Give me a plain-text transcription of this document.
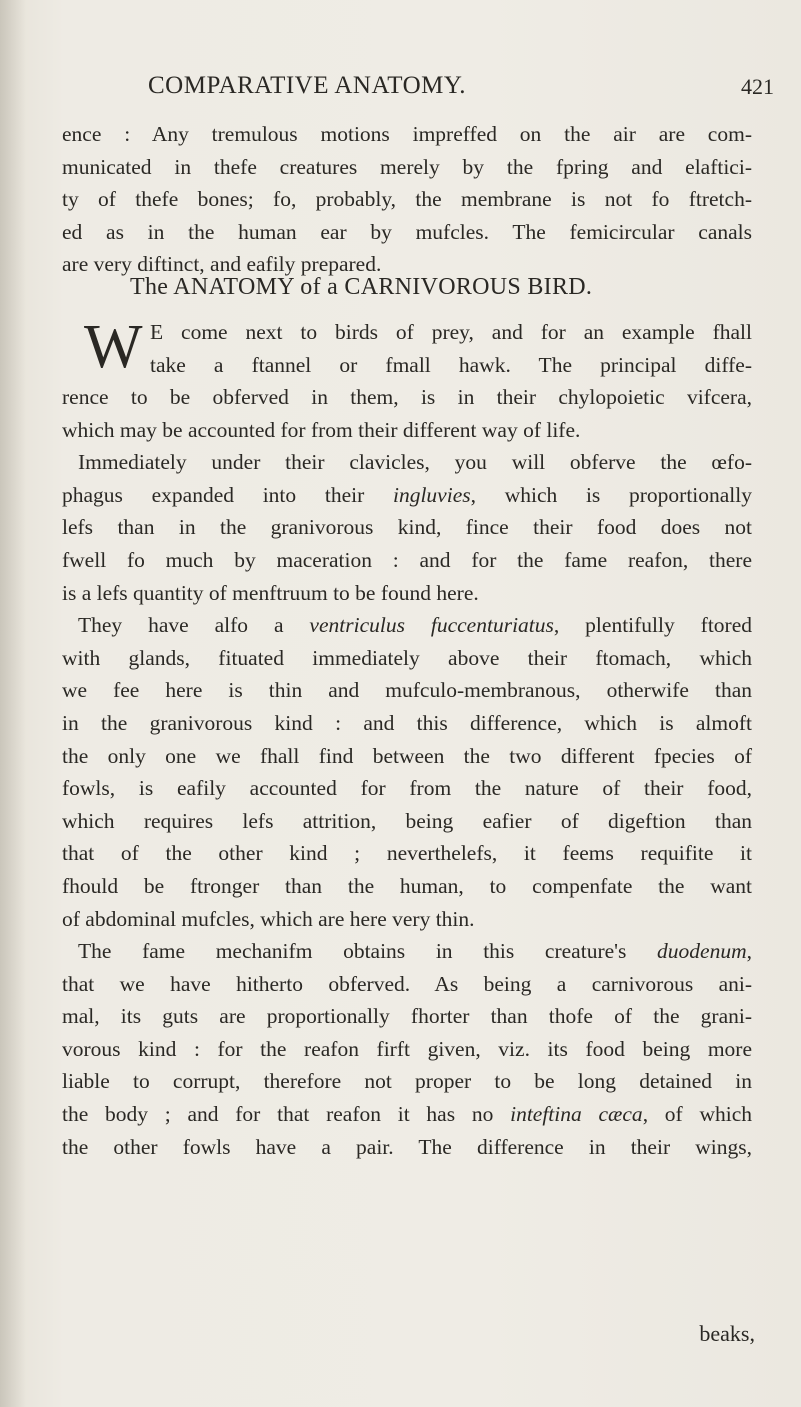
COMPARATIVE ANATOMY.	421
ence : Any tremulous motions impreffed on the air are com-
municated in thefe creatures merely by the fpring and elaftici-
ty of thefe bones; fo, probably, the membrane is not fo ftretch-
ed as in the human ear by mufcles. The femicircular canals
are very diftinct, and eafily prepared.
The ANATOMY of a CARNIVOROUS BIRD.
W E come next to birds of prey, and for an example fhall
take a ftannel or fmall hawk. The principal diffe-
rence to be obferved in them, is in their chylopoietic vifcera,
which may be accounted for from their different way of life.
Immediately under their clavicles, you will obferve the œfo-
phagus expanded into their ingluvies, which is proportionally
lefs than in the granivorous kind, fince their food does not
fwell fo much by maceration : and for the fame reafon, there
is a lefs quantity of menftruum to be found here.
They have alfo a ventriculus fuccenturiatus, plentifully ftored
with glands, fituated immediately above their ftomach, which
we fee here is thin and mufculo-membranous, otherwife than
in the granivorous kind : and this difference, which is almoft
the only one we fhall find between the two different fpecies of
fowls, is eafily accounted for from the nature of their food,
which requires lefs attrition, being eafier of digeftion than
that of the other kind ; neverthelefs, it feems requifite it
fhould be ftronger than the human, to compenfate the want
of abdominal mufcles, which are here very thin.
The fame mechanifm obtains in this creature's duodenum,
that we have hitherto obferved. As being a carnivorous ani-
mal, its guts are proportionally fhorter than thofe of the grani-
vorous kind : for the reafon firft given, viz. its food being more
liable to corrupt, therefore not proper to be long detained in
the body ; and for that reafon it has no inteftina cæca, of which
the other fowls have a pair. The difference in their wings,
beaks,
